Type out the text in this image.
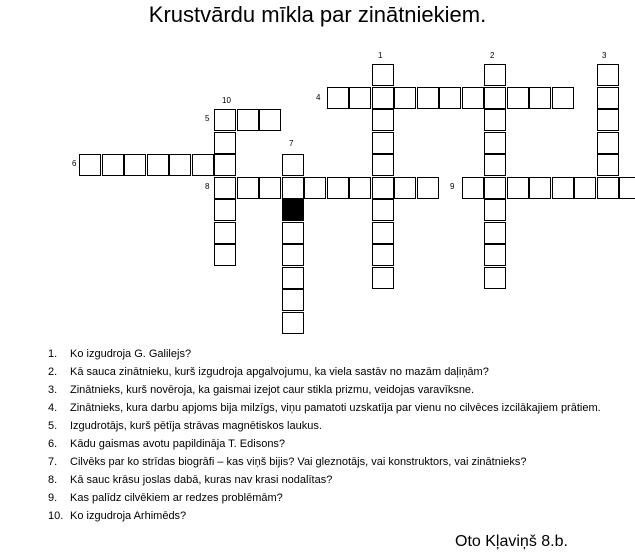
Krustvārdu mīkla par zinātniekiem.
1	2	3
4
5
6
7
8	9
10
1. Ko izgudroja G. Galilejs?
2. Kā sauca zinātnieku, kurš izgudroja apgalvojumu, ka viela sastāv no mazām daļiņām?
3. Zinātnieks, kurš novēroja, ka gaismai izejot caur stikla prizmu, veidojas varavīksne.
4. Zinātnieks, kura darbu apjoms bija milzīgs, viņu pamatoti uzskatīja par vienu no cilvēces izcilākajiem prātiem.
5. Izgudrotājs, kurš pētīja strāvas magnētiskos laukus.
6. Kādu gaismas avotu papildināja T. Edisons?
7. Cilvēks par ko strīdas biogrāfi – kas viņš bijis? Vai gleznotājs, vai konstruktors, vai zinātnieks?
8. Kā sauc krāsu joslas dabā, kuras nav krasi nodalītas?
9. Kas palīdz cilvēkiem ar redzes problēmām?
10. Ko izgudroja Arhimēds?
Oto Kļaviņš 8.b.
